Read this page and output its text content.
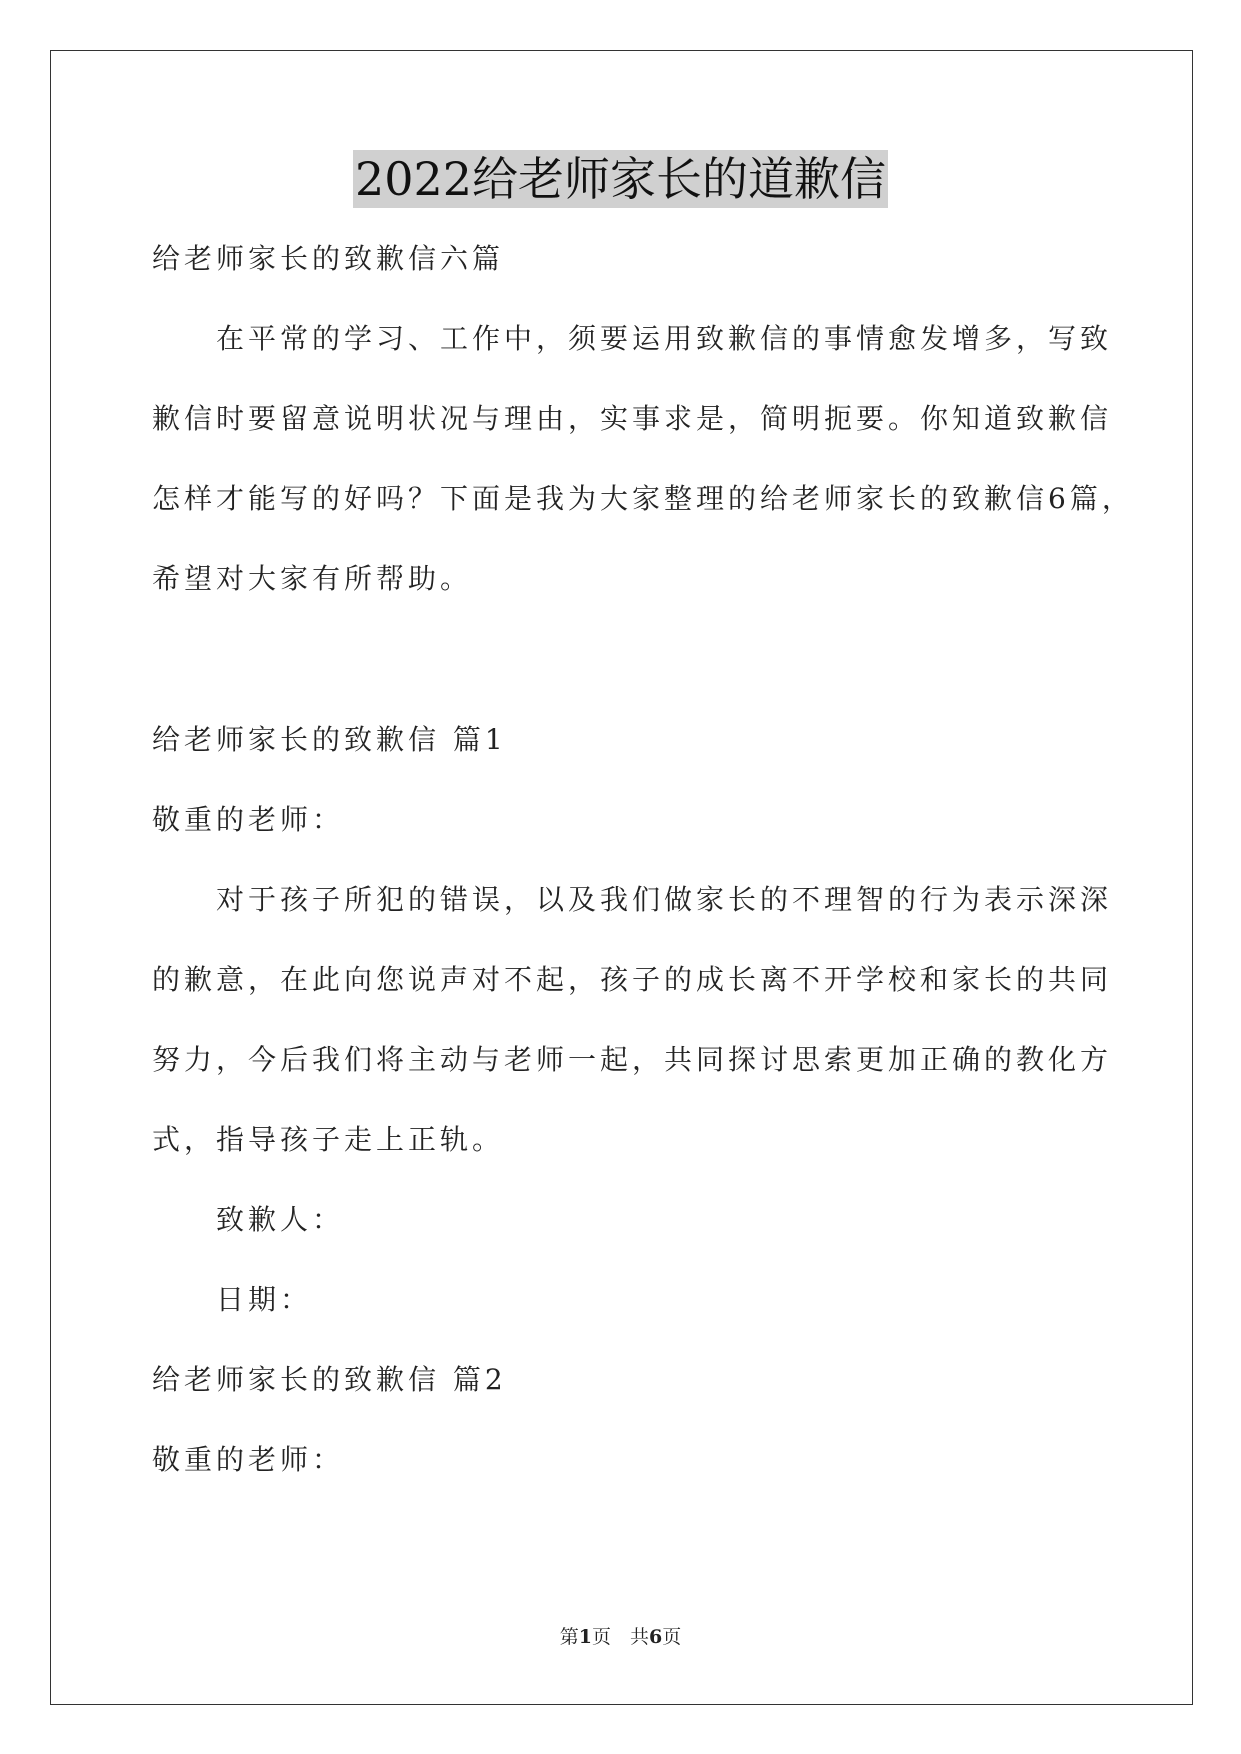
2022给老师家长的道歉信
给老师家长的致歉信六篇
在平常的学习、工作中，须要运用致歉信的事情愈发增多，写致
歉信时要留意说明状况与理由，实事求是，简明扼要。你知道致歉信
怎样才能写的好吗？下面是我为大家整理的给老师家长的致歉信6篇，
希望对大家有所帮助。
给老师家长的致歉信 篇1
敬重的老师：
对于孩子所犯的错误，以及我们做家长的不理智的行为表示深深
的歉意，在此向您说声对不起，孩子的成长离不开学校和家长的共同
努力，今后我们将主动与老师一起，共同探讨思索更加正确的教化方
式，指导孩子走上正轨。
致歉人：
日期：
给老师家长的致歉信 篇2
敬重的老师：
第1页　共6页
